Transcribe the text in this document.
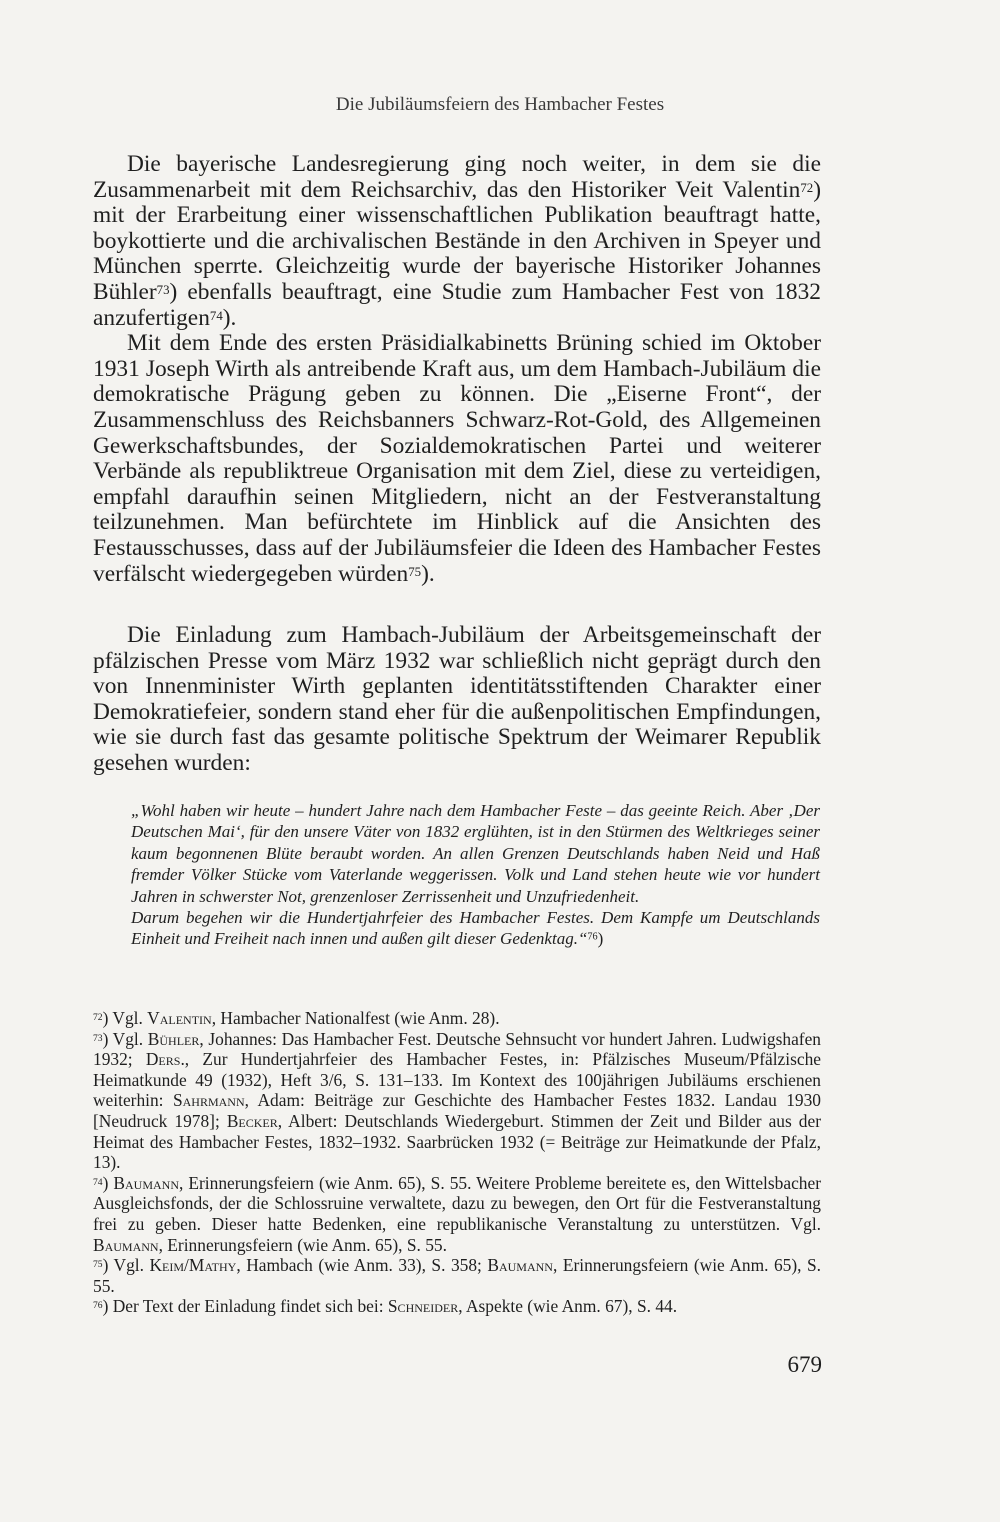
Die Jubiläumsfeiern des Hambacher Festes

Die bayerische Landesregierung ging noch weiter, in dem sie die Zusammenarbeit mit dem Reichsarchiv, das den Historiker Veit Valentin$^{72}$) mit der Erarbeitung einer wissenschaftlichen Publikation beauftragt hatte, boykottierte und die archivalischen Bestände in den Archiven in Speyer und München sperrte. Gleichzeitig wurde der bayerische Historiker Johannes Bühler$^{73}$) ebenfalls beauftragt, eine Studie zum Hambacher Fest von 1832 anzufertigen$^{74}$).

Mit dem Ende des ersten Präsidialkabinetts Brüning schied im Oktober 1931 Joseph Wirth als antreibende Kraft aus, um dem Hambach-Jubiläum die demokratische Prägung geben zu können. Die „Eiserne Front“, der Zusammenschluss des Reichsbanners Schwarz-Rot-Gold, des Allgemeinen Gewerkschaftsbundes, der Sozialdemokratischen Partei und weiterer Verbände als republiktreue Organisation mit dem Ziel, diese zu verteidigen, empfahl daraufhin seinen Mitgliedern, nicht an der Festveranstaltung teilzunehmen. Man befürchtete im Hinblick auf die Ansichten des Festausschusses, dass auf der Jubiläumsfeier die Ideen des Hambacher Festes verfälscht wiedergegeben würden$^{75}$).

Die Einladung zum Hambach-Jubiläum der Arbeitsgemeinschaft der pfälzischen Presse vom März 1932 war schließlich nicht geprägt durch den von Innenminister Wirth geplanten identitätsstiftenden Charakter einer Demokratiefeier, sondern stand eher für die außenpolitischen Empfindungen, wie sie durch fast das gesamte politische Spektrum der Weimarer Republik gesehen wurden:

„Wohl haben wir heute – hundert Jahre nach dem Hambacher Feste – das geeinte Reich. Aber ‚Der Deutschen Mai‘, für den unsere Väter von 1832 erglühten, ist in den Stürmen des Weltkrieges seiner kaum begonnenen Blüte beraubt worden. An allen Grenzen Deutschlands haben Neid und Haß fremder Völker Stücke vom Vaterlande weggerissen. Volk und Land stehen heute wie vor hundert Jahren in schwerster Not, grenzenloser Zerrissenheit und Unzufriedenheit.

Darum begehen wir die Hundertjahrfeier des Hambacher Festes. Dem Kampfe um Deutschlands Einheit und Freiheit nach innen und außen gilt dieser Gedenktag.“$^{76}$)

$^{72}$) Vgl. Valentin, Hambacher Nationalfest (wie Anm. 28).

$^{73}$) Vgl. Bühler, Johannes: Das Hambacher Fest. Deutsche Sehnsucht vor hundert Jahren. Ludwigshafen 1932; Ders., Zur Hundertjahrfeier des Hambacher Festes, in: Pfälzisches Museum/Pfälzische Heimatkunde 49 (1932), Heft 3/6, S. 131–133. Im Kontext des 100jährigen Jubiläums erschienen weiterhin: Sahrmann, Adam: Beiträge zur Geschichte des Hambacher Festes 1832. Landau 1930 [Neudruck 1978]; Becker, Albert: Deutschlands Wiedergeburt. Stimmen der Zeit und Bilder aus der Heimat des Hambacher Festes, 1832–1932. Saarbrücken 1932 (= Beiträge zur Heimatkunde der Pfalz, 13).

$^{74}$) Baumann, Erinnerungsfeiern (wie Anm. 65), S. 55. Weitere Probleme bereitete es, den Wittelsbacher Ausgleichsfonds, der die Schlossruine verwaltete, dazu zu bewegen, den Ort für die Festveranstaltung frei zu geben. Dieser hatte Bedenken, eine republikanische Veranstaltung zu unterstützen. Vgl. Baumann, Erinnerungsfeiern (wie Anm. 65), S. 55.

$^{75}$) Vgl. Keim/Mathy, Hambach (wie Anm. 33), S. 358; Baumann, Erinnerungsfeiern (wie Anm. 65), S. 55.

$^{76}$) Der Text der Einladung findet sich bei: Schneider, Aspekte (wie Anm. 67), S. 44.

679
